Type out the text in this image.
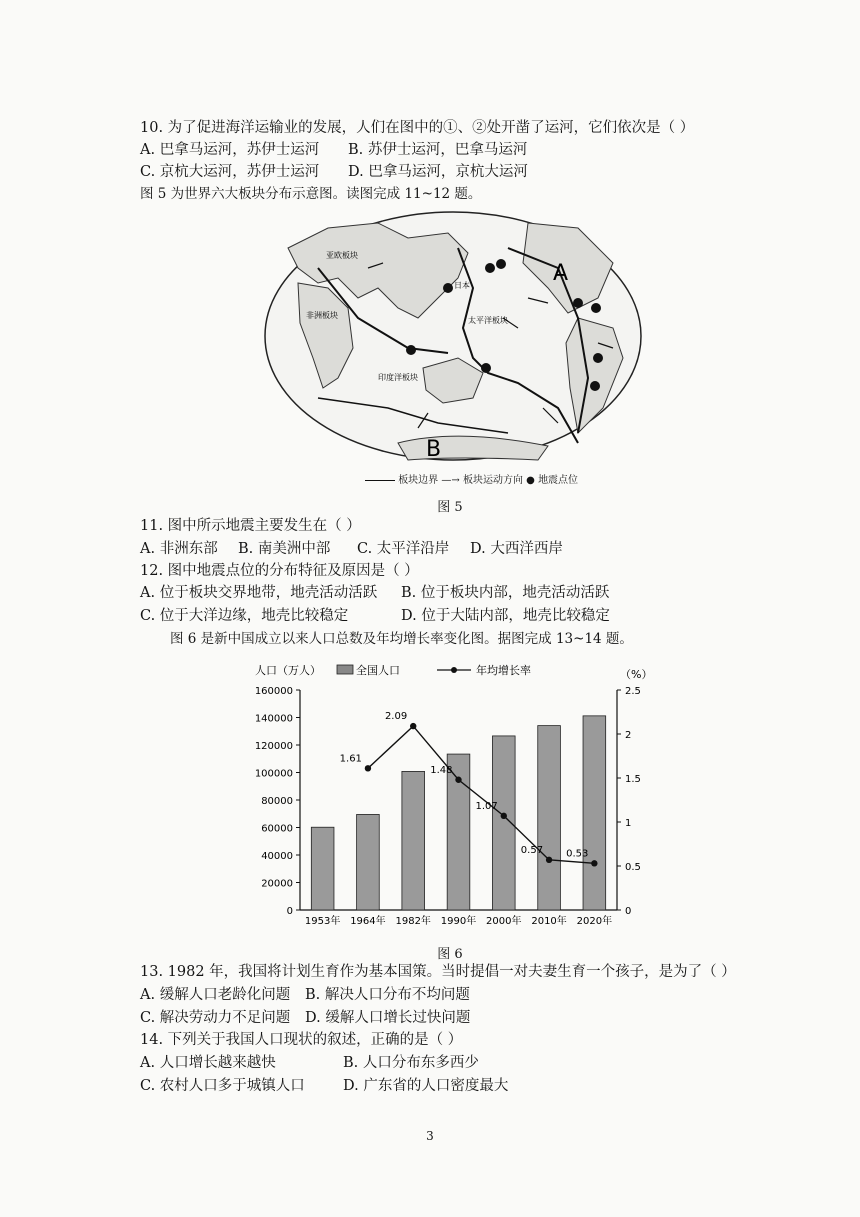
10. 为了促进海洋运输业的发展，人们在图中的①、②处开凿了运河，它们依次是（ ）
A. 巴拿马运河，苏伊士运河 B. 苏伊士运河，巴拿马运河
C. 京杭大运河，苏伊士运河 D. 巴拿马运河，京杭大运河
图 5 为世界六大板块分布示意图。读图完成 11~12 题。
亚欧板块
非洲板块
日本
太平洋板块
印度洋板块
A
B
板块边界 —→ 板块运动方向 ● 地震点位
图 5
11. 图中所示地震主要发生在（ ）
A. 非洲东部 B. 南美洲中部 C. 太平洋沿岸 D. 大西洋西岸
12. 图中地震点位的分布特征及原因是（ ）
A. 位于板块交界地带，地壳活动活跃 B. 位于板块内部，地壳活动活跃
C. 位于大洋边缘，地壳比较稳定	D. 位于大陆内部，地壳比较稳定
图 6 是新中国成立以来人口总数及年均增长率变化图。据图完成 13~14 题。
人口（万人）	全国人口	年均增长率	（%）
0
20000
40000
60000
80000
100000
120000
140000
160000
0
0.5
1
1.5
2
2.5
1953年 1964年 1982年 1990年 2000年 2010年 2020年
1.61
2.09
1.48
1.07
0.57 0.53
图 6
13. 1982 年，我国将计划生育作为基本国策。当时提倡一对夫妻生育一个孩子，是为了（ ）
A. 缓解人口老龄化问题 B. 解决人口分布不均问题
C. 解决劳动力不足问题 D. 缓解人口增长过快问题
14. 下列关于我国人口现状的叙述，正确的是（ ）
A. 人口增长越来越快	B. 人口分布东多西少
C. 农村人口多于城镇人口	D. 广东省的人口密度最大
3
